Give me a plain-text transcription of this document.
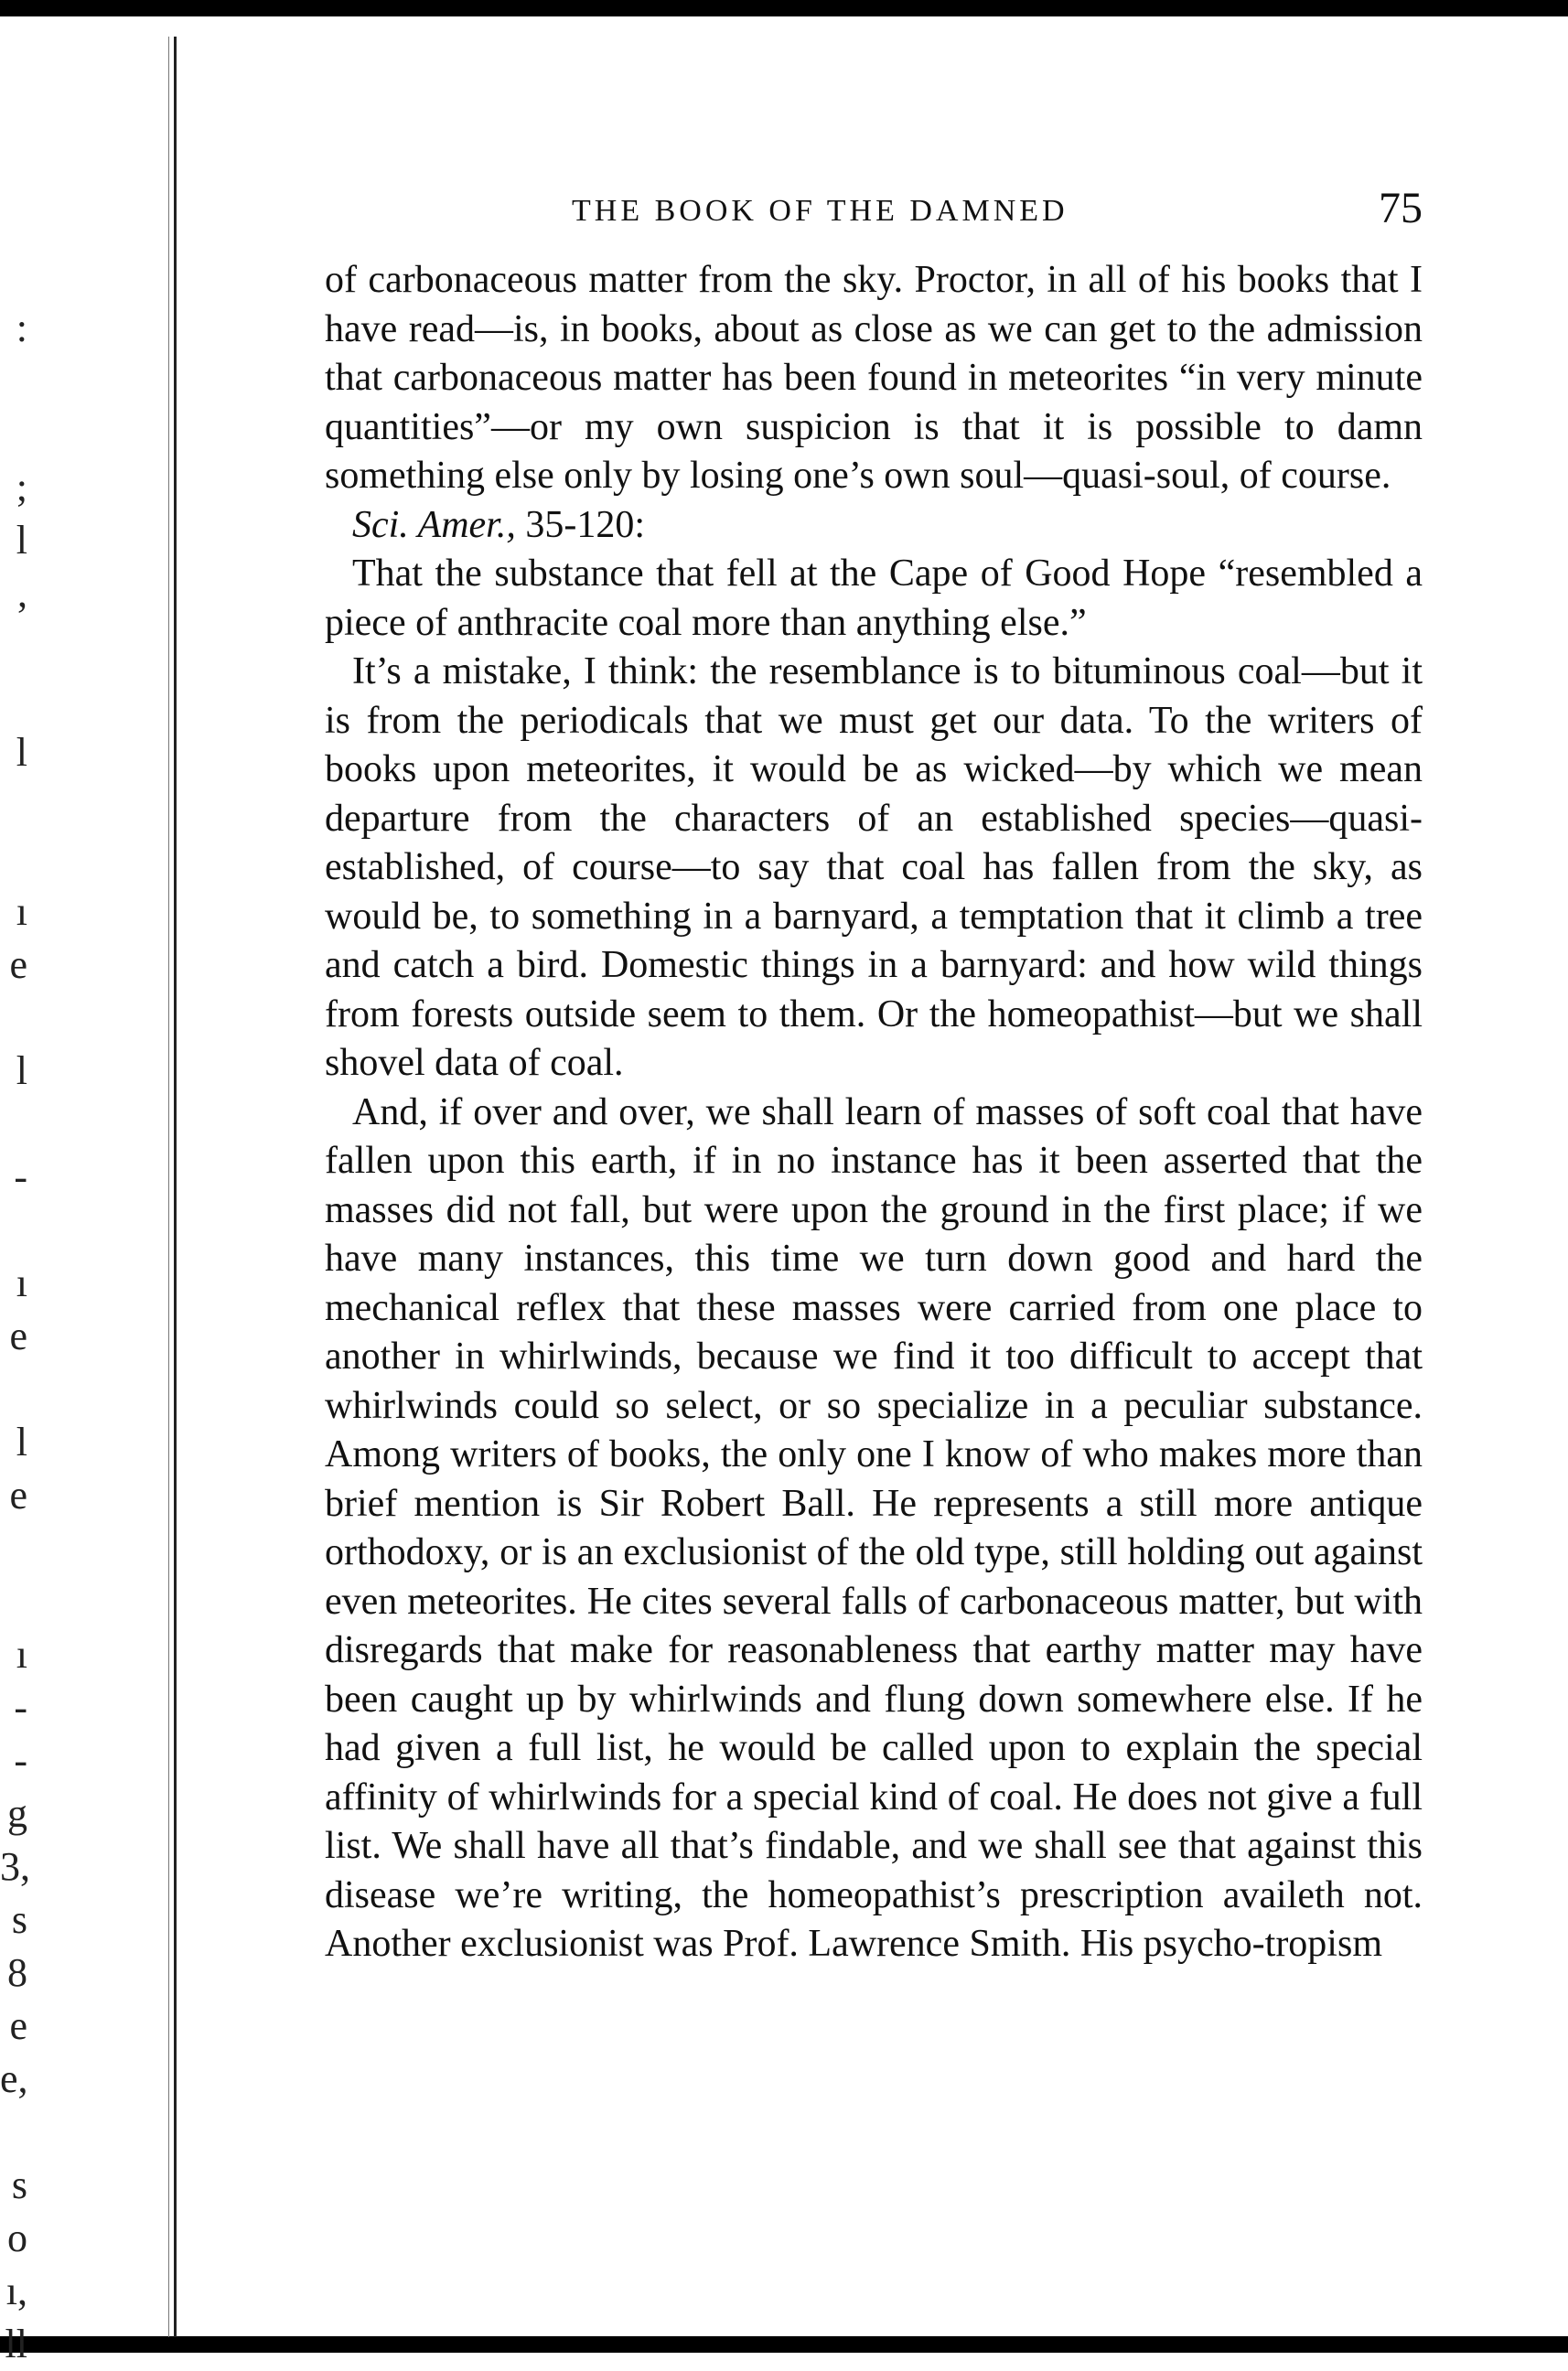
:
;
l
,
l
ı
e
l
-
ı
e
l
e
ı
-
-
g
3,
s
8
e
e,
s
o
ı,
ll
THE BOOK OF THE DAMNED	75

of carbonaceous matter from the sky. Proctor, in all of his books that I have read—is, in books, about as close as we can get to the admission that carbonaceous matter has been found in meteorites “in very minute quantities”—or my own suspicion is that it is possible to damn something else only by losing one’s own soul—quasi-soul, of course.

Sci. Amer., 35-120:

That the substance that fell at the Cape of Good Hope “resembled a piece of anthracite coal more than anything else.”

It’s a mistake, I think: the resemblance is to bituminous coal—but it is from the periodicals that we must get our data. To the writers of books upon meteorites, it would be as wicked—by which we mean departure from the characters of an established species—quasi-established, of course—to say that coal has fallen from the sky, as would be, to something in a barnyard, a temptation that it climb a tree and catch a bird. Domestic things in a barnyard: and how wild things from forests outside seem to them. Or the homeopathist—but we shall shovel data of coal.

And, if over and over, we shall learn of masses of soft coal that have fallen upon this earth, if in no instance has it been asserted that the masses did not fall, but were upon the ground in the first place; if we have many instances, this time we turn down good and hard the mechanical reflex that these masses were carried from one place to another in whirlwinds, because we find it too difficult to accept that whirlwinds could so select, or so specialize in a peculiar substance. Among writers of books, the only one I know of who makes more than brief mention is Sir Robert Ball. He represents a still more antique orthodoxy, or is an exclusionist of the old type, still holding out against even meteorites. He cites several falls of carbonaceous matter, but with disregards that make for reasonableness that earthy matter may have been caught up by whirlwinds and flung down somewhere else. If he had given a full list, he would be called upon to explain the special affinity of whirlwinds for a special kind of coal. He does not give a full list. We shall have all that’s findable, and we shall see that against this disease we’re writing, the homeopathist’s prescription availeth not. Another exclusionist was Prof. Lawrence Smith. His psycho-tropism
